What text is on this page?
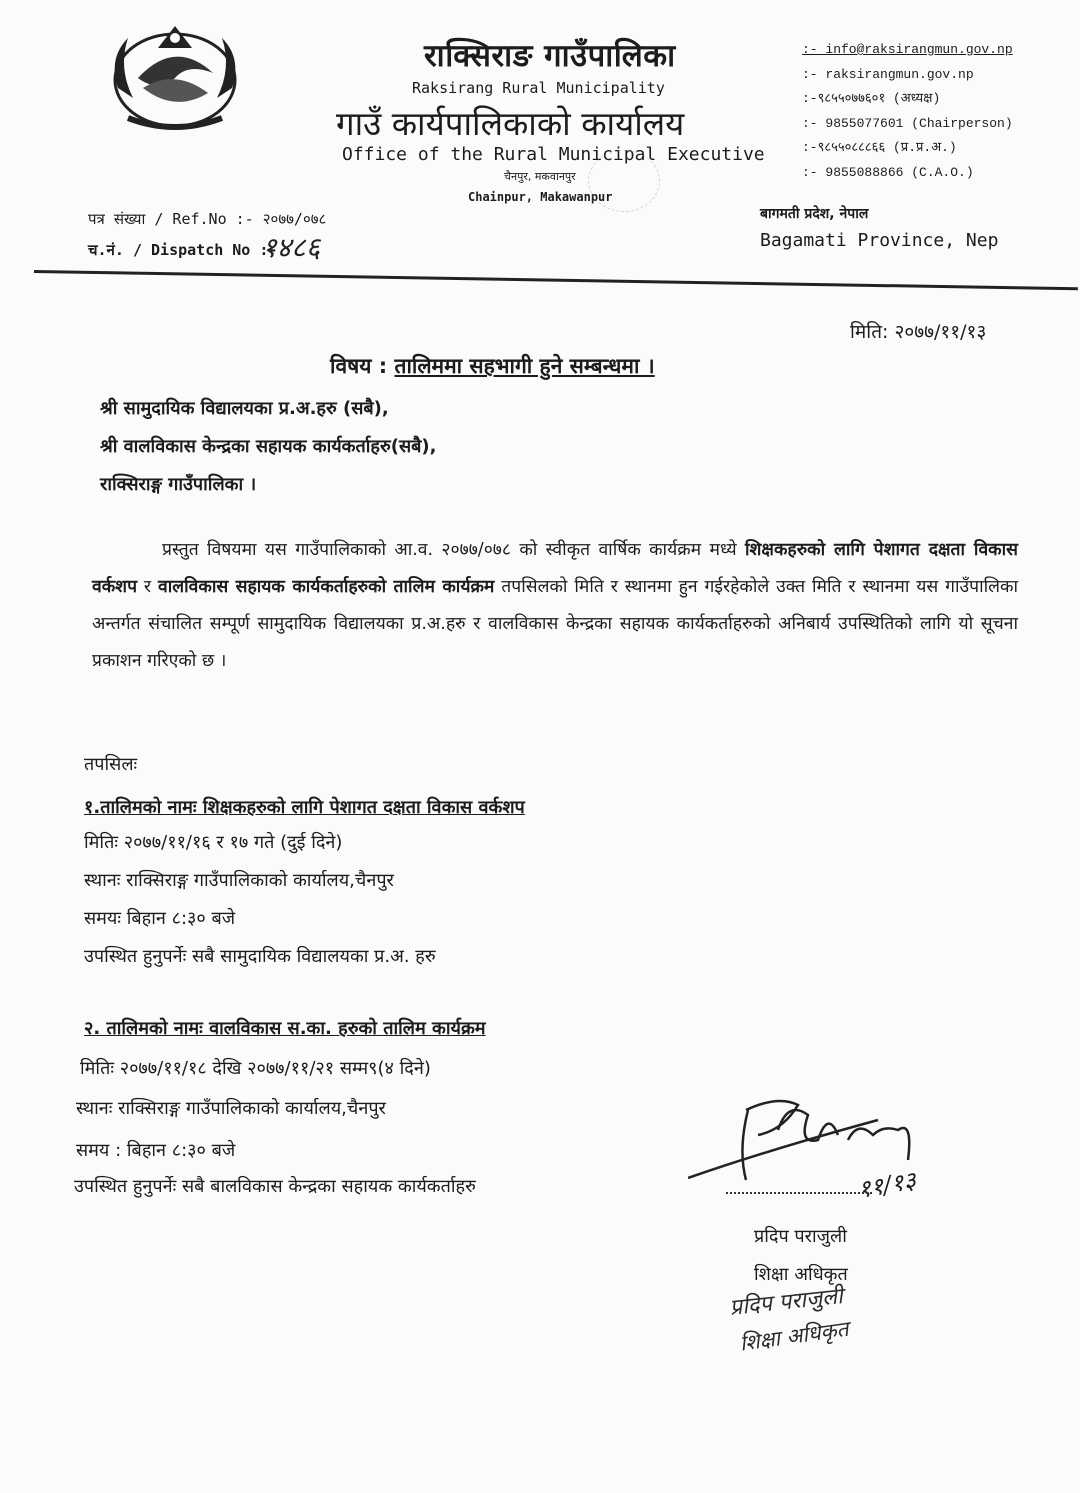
राक्सिराङ गाउँपालिका
Raksirang Rural Municipality
गाउँ कार्यपालिकाको कार्यालय
Office of the Rural Municipal Executive
चैनपुर, मकवानपुर
Chainpur, Makawanpur
:- info@raksirangmun.gov.np
:- raksirangmun.gov.np
:-९८५५०७७६०१ (अध्यक्ष)
:- 9855077601 (Chairperson)
:-९८५५०८८८६६ (प्र.प्र.अ.)
:- 9855088866 (C.A.O.)
पत्र संख्या / Ref.No :- २०७७/०७८
च.नं. / Dispatch No :-
१४८६
बागमती प्रदेश, नेपाल
Bagamati Province, Nep
मिति: २०७७/११/१३
विषय : तालिममा सहभागी हुने सम्बन्धमा ।
श्री सामुदायिक विद्यालयका प्र.अ.हरु (सबै),
श्री वालविकास केन्द्रका सहायक कार्यकर्ताहरु(सबै),
राक्सिराङ्ग गाउँपालिका ।
प्रस्तुत विषयमा यस गाउँपालिकाको आ.व. २०७७/०७८ को स्वीकृत वार्षिक कार्यक्रम मध्ये शिक्षकहरुको लागि पेशागत दक्षता विकास वर्कशप र वालविकास सहायक कार्यकर्ताहरुको तालिम कार्यक्रम तपसिलको मिति र स्थानमा हुन गईरहेकोले उक्त मिति र स्थानमा यस गाउँपालिका अन्तर्गत संचालित सम्पूर्ण सामुदायिक विद्यालयका प्र.अ.हरु र वालविकास केन्द्रका सहायक कार्यकर्ताहरुको अनिबार्य उपस्थितिको लागि यो सूचना प्रकाशन गरिएको छ ।
तपसिलः
१.तालिमको नामः शिक्षकहरुको लागि पेशागत दक्षता विकास वर्कशप
मितिः २०७७/११/१६ र १७ गते (दुई दिने)
स्थानः राक्सिराङ्ग गाउँपालिकाको कार्यालय,चैनपुर
समयः बिहान ८:३० बजे
उपस्थित हुनुपर्नेः सबै सामुदायिक विद्यालयका प्र.अ. हरु
२. तालिमको नामः वालविकास स.का. हरुको तालिम कार्यक्रम
मितिः २०७७/११/१८ देखि २०७७/११/२१ सम्म९(४ दिने)
स्थानः राक्सिराङ्ग गाउँपालिकाको कार्यालय,चैनपुर
समय : बिहान ८:३० बजे
उपस्थित हुनुपर्नेः सबै बालविकास केन्द्रका सहायक कार्यकर्ताहरु	११/१३
प्रदिप पराजुली
शिक्षा अधिकृत
प्रदिप पराजुली
शिक्षा अधिकृत
